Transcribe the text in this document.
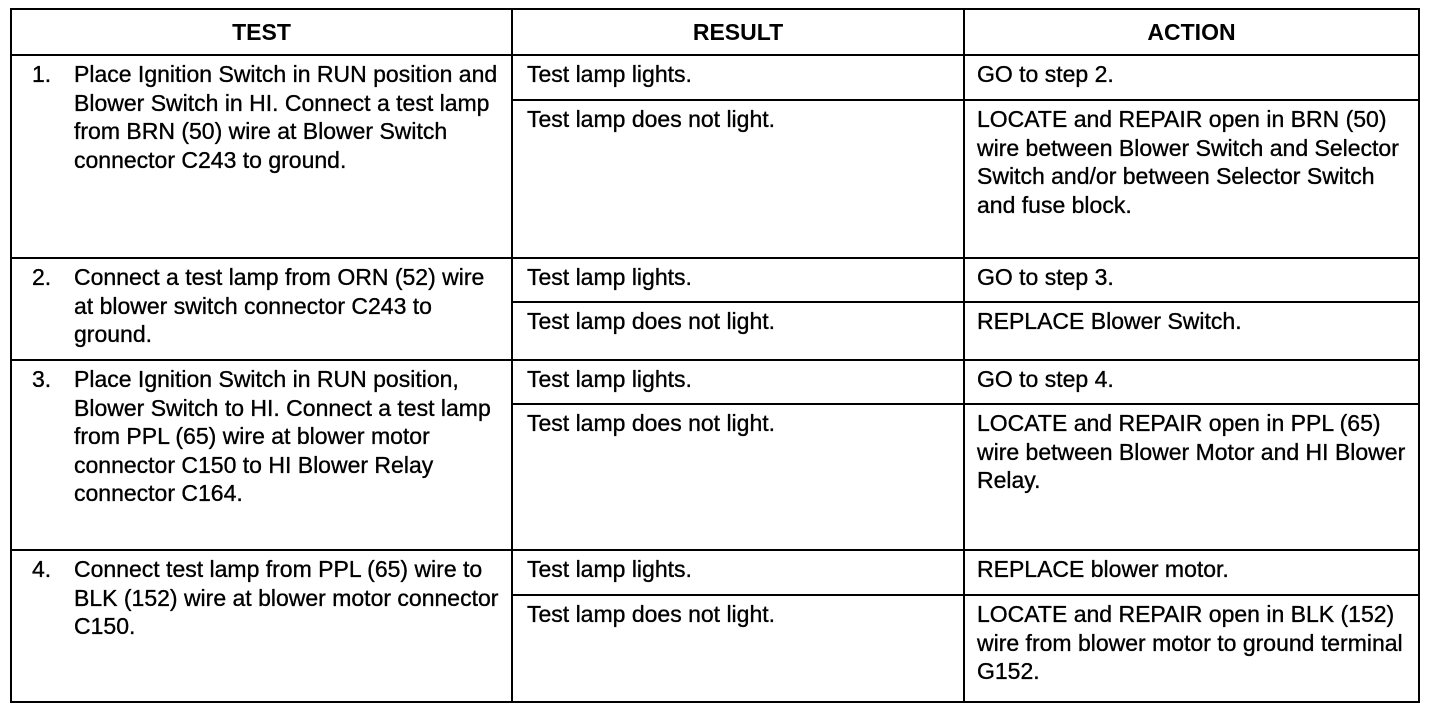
TEST	RESULT	ACTION

1. Place Ignition Switch in RUN position and Blower Switch in HI. Connect a test lamp from BRN (50) wire at Blower Switch connector C243 to ground.	Test lamp lights.	GO to step 2.
	Test lamp does not light.	LOCATE and REPAIR open in BRN (50) wire between Blower Switch and Selector Switch and/or between Selector Switch and fuse block.

2. Connect a test lamp from ORN (52) wire at blower switch connector C243 to ground.	Test lamp lights.	GO to step 3.
	Test lamp does not light.	REPLACE Blower Switch.

3. Place Ignition Switch in RUN position, Blower Switch to HI. Connect a test lamp from PPL (65) wire at blower motor connector C150 to HI Blower Relay connector C164.	Test lamp lights.	GO to step 4.
	Test lamp does not light.	LOCATE and REPAIR open in PPL (65) wire between Blower Motor and HI Blower Relay.

4. Connect test lamp from PPL (65) wire to BLK (152) wire at blower motor connector C150.	Test lamp lights.	REPLACE blower motor.
	Test lamp does not light.	LOCATE and REPAIR open in BLK (152) wire from blower motor to ground terminal G152.
